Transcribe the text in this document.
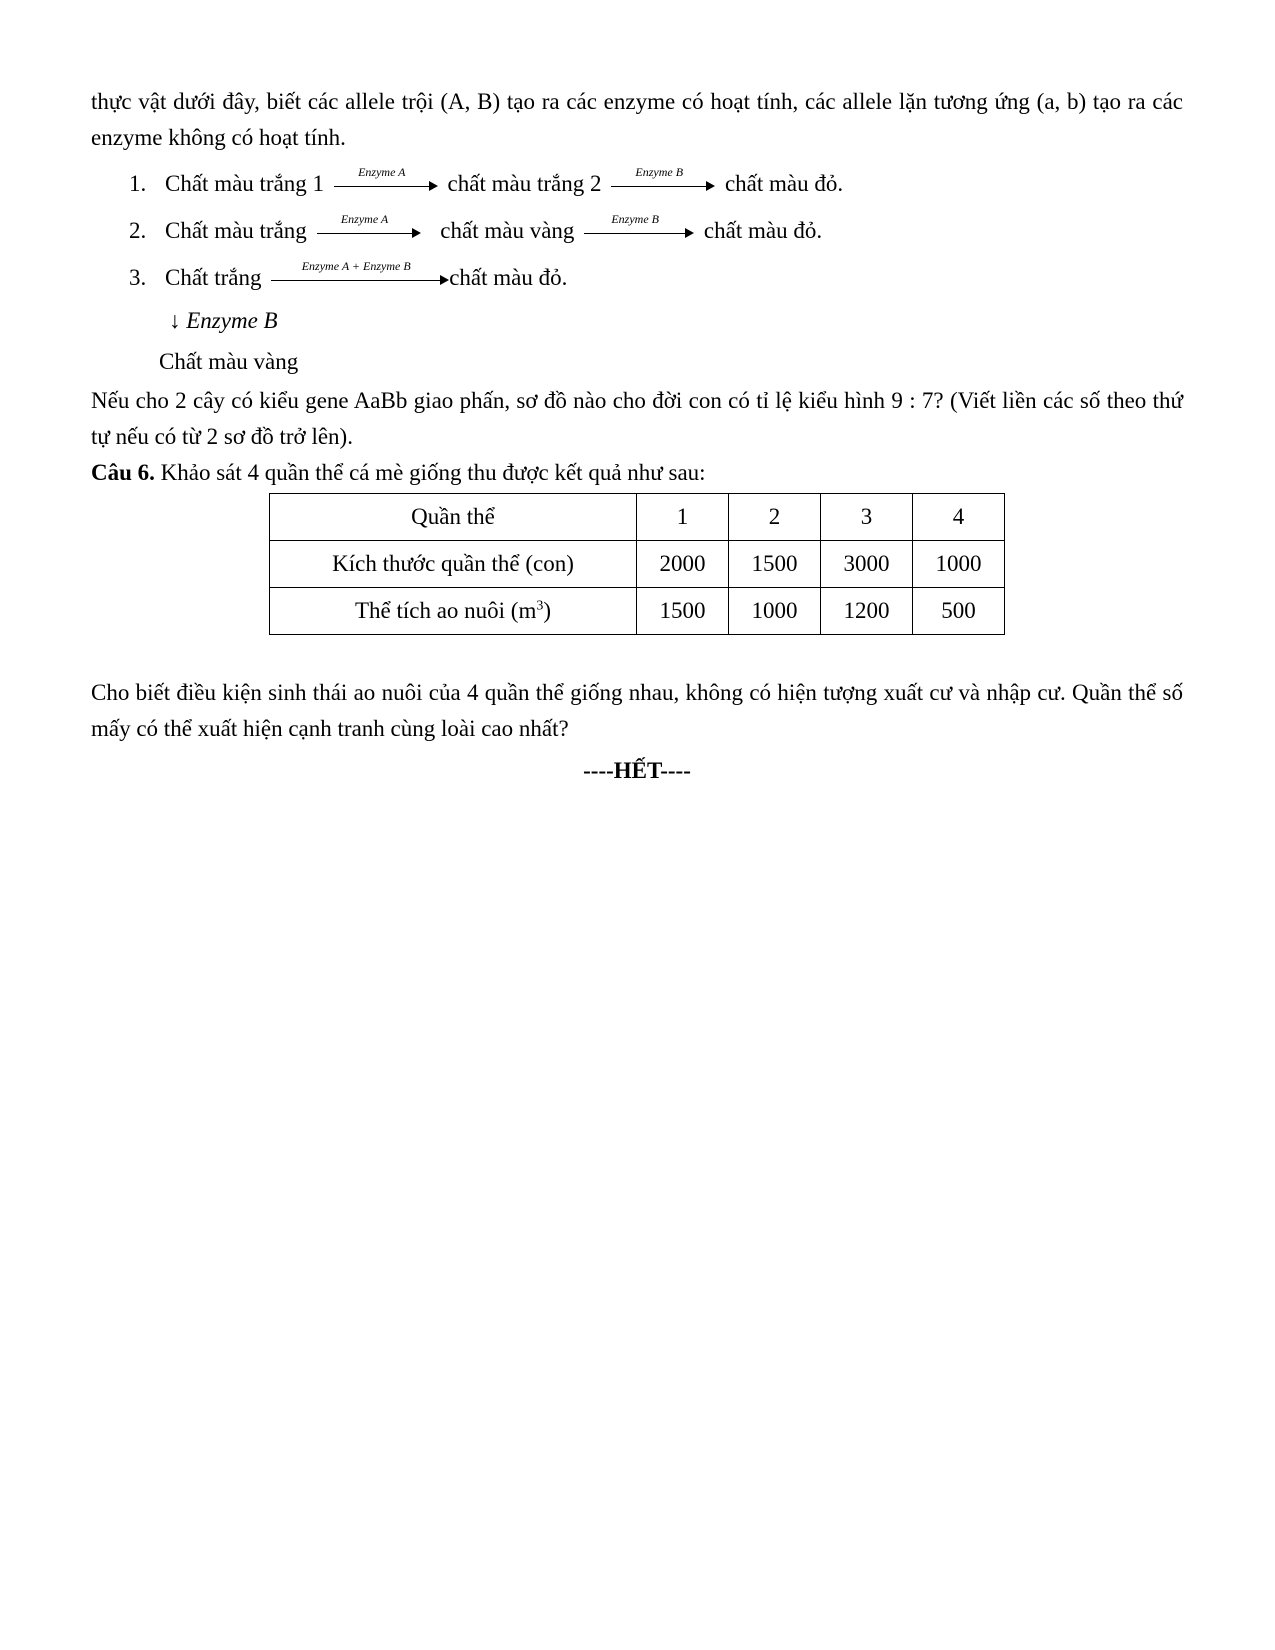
thực vật dưới đây, biết các allele trội (A, B) tạo ra các enzyme có hoạt tính, các allele lặn tương ứng (a, b) tạo ra các enzyme không có hoạt tính.

1. Chất màu trắng 1	Enzyme A	chất màu trắng 2	Enzyme B	chất màu đỏ.
2. Chất màu trắng	Enzyme A	chất màu vàng	Enzyme B	chất màu đỏ.
3. Chất trắng	Enzyme A + Enzyme B	chất màu đỏ.

↓ Enzyme B

Chất màu vàng

Nếu cho 2 cây có kiểu gene AaBb giao phấn, sơ đồ nào cho đời con có tỉ lệ kiểu hình 9 : 7? (Viết liền các số theo thứ tự nếu có từ 2 sơ đồ trở lên).

Câu 6. Khảo sát 4 quần thể cá mè giống thu được kết quả như sau:

Quần thể	1	2	3	4
Kích thước quần thể (con)	2000	1500	3000	1000
Thể tích ao nuôi $(m^3)$	1500	1000	1200	500

Cho biết điều kiện sinh thái ao nuôi của 4 quần thể giống nhau, không có hiện tượng xuất cư và nhập cư. Quần thể số mấy có thể xuất hiện cạnh tranh cùng loài cao nhất?

----HẾT----
